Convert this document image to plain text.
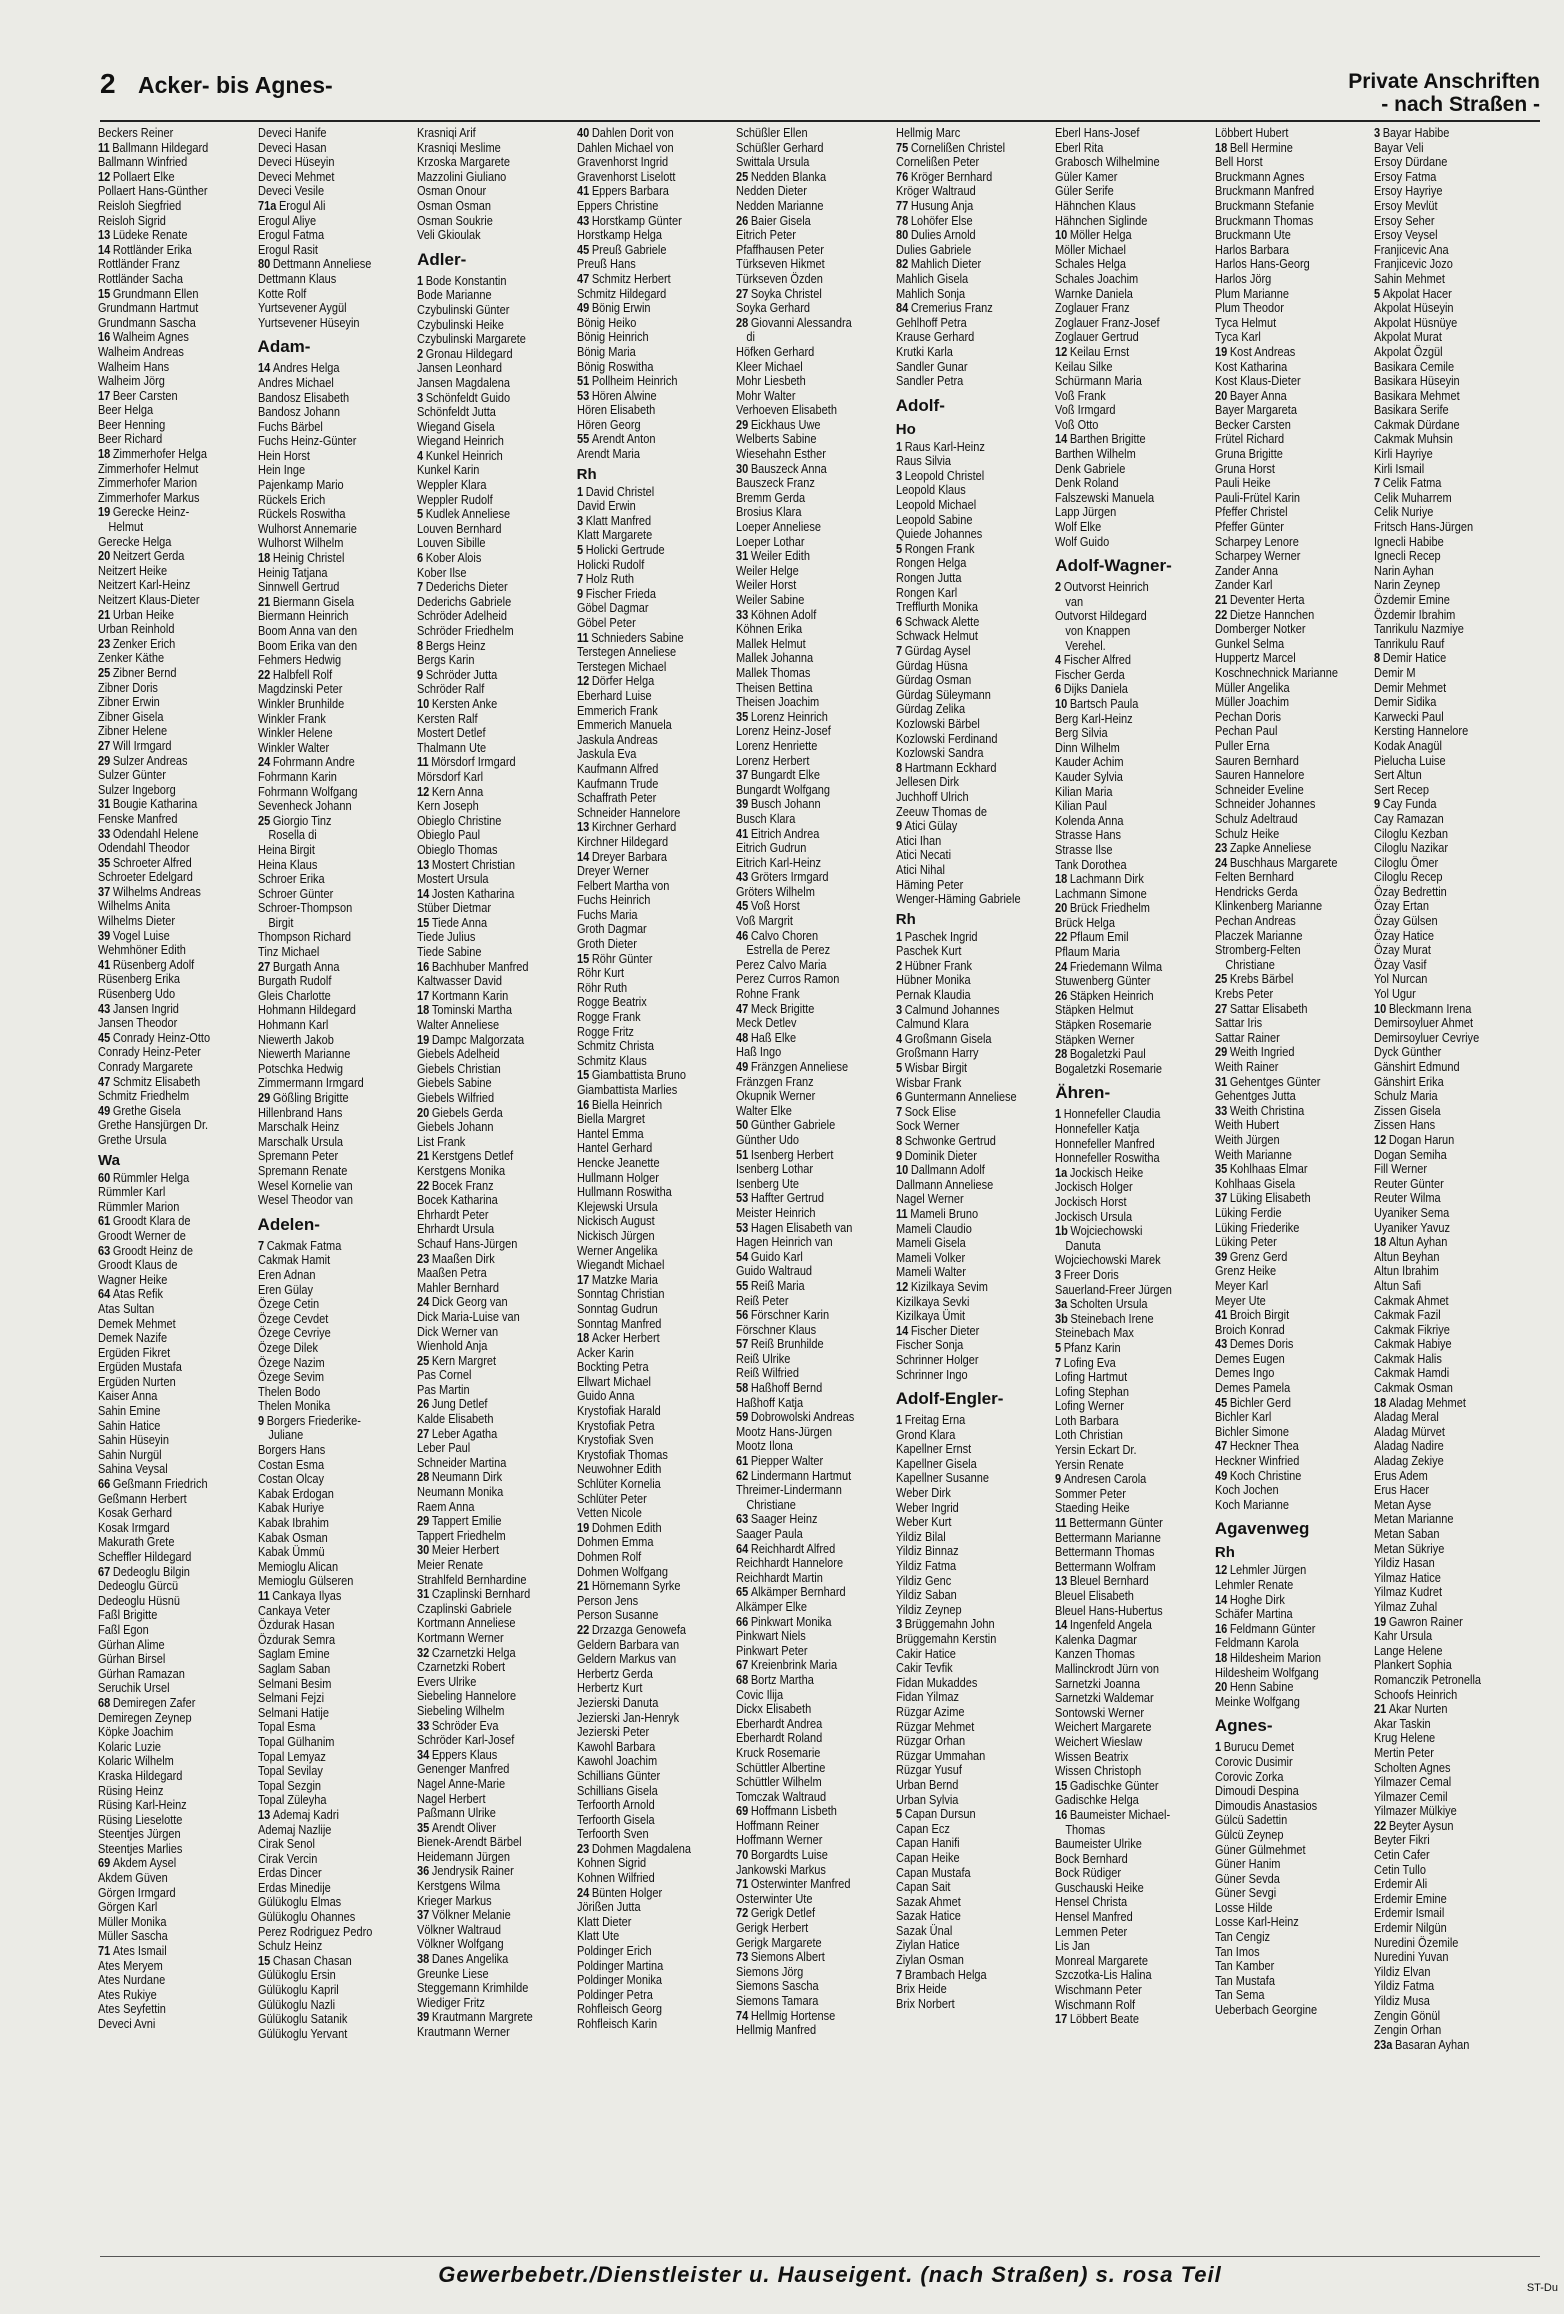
2 Acker- bis Agnes-	Private Anschriften
- nach Straßen -
Beckers Reiner
11 Ballmann Hildegard
Ballmann Winfried
12 Pollaert Elke
Pollaert Hans-Günther
Reisloh Siegfried
Reisloh Sigrid
13 Lüdeke Renate
14 Rottländer Erika
Rottländer Franz
Rottländer Sacha
15 Grundmann Ellen
Grundmann Hartmut
Grundmann Sascha
16 Walheim Agnes
Walheim Andreas
Walheim Hans
Walheim Jörg
17 Beer Carsten
Beer Helga
Beer Henning
Beer Richard
18 Zimmerhofer Helga
Zimmerhofer Helmut
Zimmerhofer Marion
Zimmerhofer Markus
19 Gerecke Heinz-
Helmut
Gerecke Helga
20 Neitzert Gerda
Neitzert Heike
Neitzert Karl-Heinz
Neitzert Klaus-Dieter
21 Urban Heike
Urban Reinhold
23 Zenker Erich
Zenker Käthe
25 Zibner Bernd
Zibner Doris
Zibner Erwin
Zibner Gisela
Zibner Helene
27 Will Irmgard
29 Sulzer Andreas
Sulzer Günter
Sulzer Ingeborg
31 Bougie Katharina
Fenske Manfred
33 Odendahl Helene
Odendahl Theodor
35 Schroeter Alfred
Schroeter Edelgard
37 Wilhelms Andreas
Wilhelms Anita
Wilhelms Dieter
39 Vogel Luise
Wehmhöner Edith
41 Rüsenberg Adolf
Rüsenberg Erika
Rüsenberg Udo
43 Jansen Ingrid
Jansen Theodor
45 Conrady Heinz-Otto
Conrady Heinz-Peter
Conrady Margarete
47 Schmitz Elisabeth
Schmitz Friedhelm
49 Grethe Gisela
Grethe Hansjürgen Dr.
Grethe Ursula
Wa
60 Rümmler Helga
Rümmler Karl
Rümmler Marion
61 Groodt Klara de
Groodt Werner de
63 Groodt Heinz de
Groodt Klaus de
Wagner Heike
64 Atas Refik
Atas Sultan
Demek Mehmet
Demek Nazife
Ergüden Fikret
Ergüden Mustafa
Ergüden Nurten
Kaiser Anna
Sahin Emine
Sahin Hatice
Sahin Hüseyin
Sahin Nurgül
Sahina Veysal
66 Geßmann Friedrich
Geßmann Herbert
Kosak Gerhard
Kosak Irmgard
Makurath Grete
Scheffler Hildegard
67 Dedeoglu Bilgin
Dedeoglu Gürcü
Dedeoglu Hüsnü
Faßl Brigitte
Faßl Egon
Gürhan Alime
Gürhan Birsel
Gürhan Ramazan
Seruchik Ursel
68 Demiregen Zafer
Demiregen Zeynep
Köpke Joachim
Kolaric Luzie
Kolaric Wilhelm
Kraska Hildegard
Rüsing Heinz
Rüsing Karl-Heinz
Rüsing Lieselotte
Steentjes Jürgen
Steentjes Marlies
69 Akdem Aysel
Akdem Güven
Görgen Irmgard
Görgen Karl
Müller Monika
Müller Sascha
71 Ates Ismail
Ates Meryem
Ates Nurdane
Ates Rukiye
Ates Seyfettin
Deveci Avni
Deveci Hanife
Deveci Hasan
Deveci Hüseyin
Deveci Mehmet
Deveci Vesile
71a Erogul Ali
Erogul Aliye
Erogul Fatma
Erogul Rasit
80 Dettmann Anneliese
Dettmann Klaus
Kotte Rolf
Yurtsevener Aygül
Yurtsevener Hüseyin
Adam-
14 Andres Helga
Andres Michael
Bandosz Elisabeth
Bandosz Johann
Fuchs Bärbel
Fuchs Heinz-Günter
Hein Horst
Hein Inge
Pajenkamp Mario
Rückels Erich
Rückels Roswitha
Wulhorst Annemarie
Wulhorst Wilhelm
18 Heinig Christel
Heinig Tatjana
Sinnwell Gertrud
21 Biermann Gisela
Biermann Heinrich
Boom Anna van den
Boom Erika van den
Fehmers Hedwig
22 Halbfell Rolf
Magdzinski Peter
Winkler Brunhilde
Winkler Frank
Winkler Helene
Winkler Walter
24 Fohrmann Andre
Fohrmann Karin
Fohrmann Wolfgang
Sevenheck Johann
25 Giorgio Tinz
Rosella di
Heina Birgit
Heina Klaus
Schroer Erika
Schroer Günter
Schroer-Thompson
Birgit
Thompson Richard
Tinz Michael
27 Burgath Anna
Burgath Rudolf
Gleis Charlotte
Hohmann Hildegard
Hohmann Karl
Niewerth Jakob
Niewerth Marianne
Potschka Hedwig
Zimmermann Irmgard
29 Gößling Brigitte
Hillenbrand Hans
Marschalk Heinz
Marschalk Ursula
Spremann Peter
Spremann Renate
Wesel Kornelie van
Wesel Theodor van
Adelen-
7 Cakmak Fatma
Cakmak Hamit
Eren Adnan
Eren Gülay
Özege Cetin
Özege Cevdet
Özege Cevriye
Özege Dilek
Özege Nazim
Özege Sevim
Thelen Bodo
Thelen Monika
9 Borgers Friederike-
Juliane
Borgers Hans
Costan Esma
Costan Olcay
Kabak Erdogan
Kabak Huriye
Kabak Ibrahim
Kabak Osman
Kabak Ümmü
Memioglu Alican
Memioglu Gülseren
11 Cankaya Ilyas
Cankaya Veter
Özdurak Hasan
Özdurak Semra
Saglam Emine
Saglam Saban
Selmani Besim
Selmani Fejzi
Selmani Hatije
Topal Esma
Topal Gülhanim
Topal Lemyaz
Topal Sevilay
Topal Sezgin
Topal Züleyha
13 Ademaj Kadri
Ademaj Nazlije
Cirak Senol
Cirak Vercin
Erdas Dincer
Erdas Minedije
Gülükoglu Elmas
Gülükoglu Ohannes
Perez Rodriguez Pedro
Schulz Heinz
15 Chasan Chasan
Gülükoglu Ersin
Gülükoglu Kapril
Gülükoglu Nazli
Gülükoglu Satanik
Gülükoglu Yervant
Krasniqi Arif
Krasniqi Meslime
Krzoska Margarete
Mazzolini Giuliano
Osman Onour
Osman Osman
Osman Soukrie
Veli Gkioulak
Adler-
1 Bode Konstantin
Bode Marianne
Czybulinski Günter
Czybulinski Heike
Czybulinski Margarete
2 Gronau Hildegard
Jansen Leonhard
Jansen Magdalena
3 Schönfeldt Guido
Schönfeldt Jutta
Wiegand Gisela
Wiegand Heinrich
4 Kunkel Heinrich
Kunkel Karin
Weppler Klara
Weppler Rudolf
5 Kudlek Anneliese
Louven Bernhard
Louven Sibille
6 Kober Alois
Kober Ilse
7 Dederichs Dieter
Dederichs Gabriele
Schröder Adelheid
Schröder Friedhelm
8 Bergs Heinz
Bergs Karin
9 Schröder Jutta
Schröder Ralf
10 Kersten Anke
Kersten Ralf
Mostert Detlef
Thalmann Ute
11 Mörsdorf Irmgard
Mörsdorf Karl
12 Kern Anna
Kern Joseph
Obieglo Christine
Obieglo Paul
Obieglo Thomas
13 Mostert Christian
Mostert Ursula
14 Josten Katharina
Stüber Dietmar
15 Tiede Anna
Tiede Julius
Tiede Sabine
16 Bachhuber Manfred
Kaltwasser David
17 Kortmann Karin
18 Tominski Martha
Walter Anneliese
19 Dampc Malgorzata
Giebels Adelheid
Giebels Christian
Giebels Sabine
Giebels Wilfried
20 Giebels Gerda
Giebels Johann
List Frank
21 Kerstgens Detlef
Kerstgens Monika
22 Bocek Franz
Bocek Katharina
Ehrhardt Peter
Ehrhardt Ursula
Schauf Hans-Jürgen
23 Maaßen Dirk
Maaßen Petra
Mahler Bernhard
24 Dick Georg van
Dick Maria-Luise van
Dick Werner van
Wienhold Anja
25 Kern Margret
Pas Cornel
Pas Martin
26 Jung Detlef
Kalde Elisabeth
27 Leber Agatha
Leber Paul
Schneider Martina
28 Neumann Dirk
Neumann Monika
Raem Anna
29 Tappert Emilie
Tappert Friedhelm
30 Meier Herbert
Meier Renate
Strahlfeld Bernhardine
31 Czaplinski Bernhard
Czaplinski Gabriele
Kortmann Anneliese
Kortmann Werner
32 Czarnetzki Helga
Czarnetzki Robert
Evers Ulrike
Siebeling Hannelore
Siebeling Wilhelm
33 Schröder Eva
Schröder Karl-Josef
34 Eppers Klaus
Genenger Manfred
Nagel Anne-Marie
Nagel Herbert
Paßmann Ulrike
35 Arendt Oliver
Bienek-Arendt Bärbel
Heidemann Jürgen
36 Jendrysik Rainer
Kerstgens Wilma
Krieger Markus
37 Völkner Melanie
Völkner Waltraud
Völkner Wolfgang
38 Danes Angelika
Greunke Liese
Steggemann Krimhilde
Wiediger Fritz
39 Krautmann Margrete
Krautmann Werner
40 Dahlen Dorit von
Dahlen Michael von
Gravenhorst Ingrid
Gravenhorst Liselott
41 Eppers Barbara
Eppers Christine
43 Horstkamp Günter
Horstkamp Helga
45 Preuß Gabriele
Preuß Hans
47 Schmitz Herbert
Schmitz Hildegard
49 Bönig Erwin
Bönig Heiko
Bönig Heinrich
Bönig Maria
Bönig Roswitha
51 Pollheim Heinrich
53 Hören Alwine
Hören Elisabeth
Hören Georg
55 Arendt Anton
Arendt Maria
Rh
1 David Christel
David Erwin
3 Klatt Manfred
Klatt Margarete
5 Holicki Gertrude
Holicki Rudolf
7 Holz Ruth
9 Fischer Frieda
Göbel Dagmar
Göbel Peter
11 Schnieders Sabine
Terstegen Anneliese
Terstegen Michael
12 Dörfer Helga
Eberhard Luise
Emmerich Frank
Emmerich Manuela
Jaskula Andreas
Jaskula Eva
Kaufmann Alfred
Kaufmann Trude
Schaffrath Peter
Schneider Hannelore
13 Kirchner Gerhard
Kirchner Hildegard
14 Dreyer Barbara
Dreyer Werner
Felbert Martha von
Fuchs Heinrich
Fuchs Maria
Groth Dagmar
Groth Dieter
15 Röhr Günter
Röhr Kurt
Röhr Ruth
Rogge Beatrix
Rogge Frank
Rogge Fritz
Schmitz Christa
Schmitz Klaus
15 Giambattista Bruno
Giambattista Marlies
16 Biella Heinrich
Biella Margret
Hantel Emma
Hantel Gerhard
Hencke Jeanette
Hullmann Holger
Hullmann Roswitha
Klejewski Ursula
Nickisch August
Nickisch Jürgen
Werner Angelika
Wiegandt Michael
17 Matzke Maria
Sonntag Christian
Sonntag Gudrun
Sonntag Manfred
18 Acker Herbert
Acker Karin
Bockting Petra
Ellwart Michael
Guido Anna
Krystofiak Harald
Krystofiak Petra
Krystofiak Sven
Krystofiak Thomas
Neuwohner Edith
Schlüter Kornelia
Schlüter Peter
Vetten Nicole
19 Dohmen Edith
Dohmen Emma
Dohmen Rolf
Dohmen Wolfgang
21 Hörnemann Syrke
Person Jens
Person Susanne
22 Drzazga Genowefa
Geldern Barbara van
Geldern Markus van
Herbertz Gerda
Herbertz Kurt
Jezierski Danuta
Jezierski Jan-Henryk
Jezierski Peter
Kawohl Barbara
Kawohl Joachim
Schillians Günter
Schillians Gisela
Terfoorth Arnold
Terfoorth Gisela
Terfoorth Sven
23 Dohmen Magdalena
Kohnen Sigrid
Kohnen Wilfried
24 Bünten Holger
Jörißen Jutta
Klatt Dieter
Klatt Ute
Poldinger Erich
Poldinger Martina
Poldinger Monika
Poldinger Petra
Rohfleisch Georg
Rohfleisch Karin
Schüßler Ellen
Schüßler Gerhard
Swittala Ursula
25 Nedden Blanka
Nedden Dieter
Nedden Marianne
26 Baier Gisela
Eitrich Peter
Pfaffhausen Peter
Türkseven Hikmet
Türkseven Özden
27 Soyka Christel
Soyka Gerhard
28 Giovanni Alessandra
di
Höfken Gerhard
Kleer Michael
Mohr Liesbeth
Mohr Walter
Verhoeven Elisabeth
29 Eickhaus Uwe
Welberts Sabine
Wiesehahn Esther
30 Bauszeck Anna
Bauszeck Franz
Bremm Gerda
Brosius Klara
Loeper Anneliese
Loeper Lothar
31 Weiler Edith
Weiler Helge
Weiler Horst
Weiler Sabine
33 Köhnen Adolf
Köhnen Erika
Mallek Helmut
Mallek Johanna
Mallek Thomas
Theisen Bettina
Theisen Joachim
35 Lorenz Heinrich
Lorenz Heinz-Josef
Lorenz Henriette
Lorenz Herbert
37 Bungardt Elke
Bungardt Wolfgang
39 Busch Johann
Busch Klara
41 Eitrich Andrea
Eitrich Gudrun
Eitrich Karl-Heinz
43 Gröters Irmgard
Gröters Wilhelm
45 Voß Horst
Voß Margrit
46 Calvo Choren
Estrella de Perez
Perez Calvo Maria
Perez Curros Ramon
Rohne Frank
47 Meck Brigitte
Meck Detlev
48 Haß Elke
Haß Ingo
49 Fränzgen Anneliese
Fränzgen Franz
Okupnik Werner
Walter Elke
50 Günther Gabriele
Günther Udo
51 Isenberg Herbert
Isenberg Lothar
Isenberg Ute
53 Haffter Gertrud
Meister Heinrich
53 Hagen Elisabeth van
Hagen Heinrich van
54 Guido Karl
Guido Waltraud
55 Reiß Maria
Reiß Peter
56 Förschner Karin
Förschner Klaus
57 Reiß Brunhilde
Reiß Ulrike
Reiß Wilfried
58 Haßhoff Bernd
Haßhoff Katja
59 Dobrowolski Andreas
Mootz Hans-Jürgen
Mootz Ilona
61 Piepper Walter
62 Lindermann Hartmut
Threimer-Lindermann
Christiane
63 Saager Heinz
Saager Paula
64 Reichhardt Alfred
Reichhardt Hannelore
Reichhardt Martin
65 Alkämper Bernhard
Alkämper Elke
66 Pinkwart Monika
Pinkwart Niels
Pinkwart Peter
67 Kreienbrink Maria
68 Bortz Martha
Covic Ilija
Dickx Elisabeth
Eberhardt Andrea
Eberhardt Roland
Kruck Rosemarie
Schüttler Albertine
Schüttler Wilhelm
Tomczak Waltraud
69 Hoffmann Lisbeth
Hoffmann Reiner
Hoffmann Werner
70 Borgardts Luise
Jankowski Markus
71 Osterwinter Manfred
Osterwinter Ute
72 Gerigk Detlef
Gerigk Herbert
Gerigk Margarete
73 Siemons Albert
Siemons Jörg
Siemons Sascha
Siemons Tamara
74 Hellmig Hortense
Hellmig Manfred
Hellmig Marc
75 Cornelißen Christel
Cornelißen Peter
76 Kröger Bernhard
Kröger Waltraud
77 Husung Anja
78 Lohöfer Else
80 Dulies Arnold
Dulies Gabriele
82 Mahlich Dieter
Mahlich Gisela
Mahlich Sonja
84 Cremerius Franz
Gehlhoff Petra
Krause Gerhard
Krutki Karla
Sandler Gunar
Sandler Petra
Adolf-
Ho
1 Raus Karl-Heinz
Raus Silvia
3 Leopold Christel
Leopold Klaus
Leopold Michael
Leopold Sabine
Quiede Johannes
5 Rongen Frank
Rongen Helga
Rongen Jutta
Rongen Karl
Trefflurth Monika
6 Schwack Alette
Schwack Helmut
7 Gürdag Aysel
Gürdag Hüsna
Gürdag Osman
Gürdag Süleymann
Gürdag Zelika
Kozlowski Bärbel
Kozlowski Ferdinand
Kozlowski Sandra
8 Hartmann Eckhard
Jellesen Dirk
Juchhoff Ulrich
Zeeuw Thomas de
9 Atici Gülay
Atici Ihan
Atici Necati
Atici Nihal
Häming Peter
Wenger-Häming Gabriele
Rh
1 Paschek Ingrid
Paschek Kurt
2 Hübner Frank
Hübner Monika
Pernak Klaudia
3 Calmund Johannes
Calmund Klara
4 Großmann Gisela
Großmann Harry
5 Wisbar Birgit
Wisbar Frank
6 Guntermann Anneliese
7 Sock Elise
Sock Werner
8 Schwonke Gertrud
9 Dominik Dieter
10 Dallmann Adolf
Dallmann Anneliese
Nagel Werner
11 Mameli Bruno
Mameli Claudio
Mameli Gisela
Mameli Volker
Mameli Walter
12 Kizilkaya Sevim
Kizilkaya Sevki
Kizilkaya Ümit
14 Fischer Dieter
Fischer Sonja
Schrinner Holger
Schrinner Ingo
Adolf-Engler-
1 Freitag Erna
Grond Klara
Kapellner Ernst
Kapellner Gisela
Kapellner Susanne
Weber Dirk
Weber Ingrid
Weber Kurt
Yildiz Bilal
Yildiz Binnaz
Yildiz Fatma
Yildiz Genc
Yildiz Saban
Yildiz Zeynep
3 Brüggemahn John
Brüggemahn Kerstin
Cakir Hatice
Cakir Tevfik
Fidan Mukaddes
Fidan Yilmaz
Rüzgar Azime
Rüzgar Mehmet
Rüzgar Orhan
Rüzgar Ummahan
Rüzgar Yusuf
Urban Bernd
Urban Sylvia
5 Capan Dursun
Capan Ecz
Capan Hanifi
Capan Heike
Capan Mustafa
Capan Sait
Sazak Ahmet
Sazak Hatice
Sazak Ünal
Ziylan Hatice
Ziylan Osman
7 Brambach Helga
Brix Heide
Brix Norbert
Eberl Hans-Josef
Eberl Rita
Grabosch Wilhelmine
Güler Kamer
Güler Serife
Hähnchen Klaus
Hähnchen Siglinde
10 Möller Helga
Möller Michael
Schales Helga
Schales Joachim
Warnke Daniela
Zoglauer Franz
Zoglauer Franz-Josef
Zoglauer Gertrud
12 Keilau Ernst
Keilau Silke
Schürmann Maria
Voß Frank
Voß Irmgard
Voß Otto
14 Barthen Brigitte
Barthen Wilhelm
Denk Gabriele
Denk Roland
Falszewski Manuela
Lapp Jürgen
Wolf Elke
Wolf Guido
Adolf-Wagner-
2 Outvorst Heinrich
van
Outvorst Hildegard
von Knappen
Verehel.
4 Fischer Alfred
Fischer Gerda
6 Dijks Daniela
10 Bartsch Paula
Berg Karl-Heinz
Berg Silvia
Dinn Wilhelm
Kauder Achim
Kauder Sylvia
Kilian Maria
Kilian Paul
Kolenda Anna
Strasse Hans
Strasse Ilse
Tank Dorothea
18 Lachmann Dirk
Lachmann Simone
20 Brück Friedhelm
Brück Helga
22 Pflaum Emil
Pflaum Maria
24 Friedemann Wilma
Stuwenberg Günter
26 Stäpken Heinrich
Stäpken Helmut
Stäpken Rosemarie
Stäpken Werner
28 Bogaletzki Paul
Bogaletzki Rosemarie
Ähren-
1 Honnefeller Claudia
Honnefeller Katja
Honnefeller Manfred
Honnefeller Roswitha
1a Jockisch Heike
Jockisch Holger
Jockisch Horst
Jockisch Ursula
1b Wojciechowski
Danuta
Wojciechowski Marek
3 Freer Doris
Sauerland-Freer Jürgen
3a Scholten Ursula
3b Steinebach Irene
Steinebach Max
5 Pfanz Karin
7 Lofing Eva
Lofing Hartmut
Lofing Stephan
Lofing Werner
Loth Barbara
Loth Christian
Yersin Eckart Dr.
Yersin Renate
9 Andresen Carola
Sommer Peter
Staeding Heike
11 Bettermann Günter
Bettermann Marianne
Bettermann Thomas
Bettermann Wolfram
13 Bleuel Bernhard
Bleuel Elisabeth
Bleuel Hans-Hubertus
14 Ingenfeld Angela
Kalenka Dagmar
Kanzen Thomas
Mallinckrodt Jürn von
Sarnetzki Joanna
Sarnetzki Waldemar
Sontowski Werner
Weichert Margarete
Weichert Wieslaw
Wissen Beatrix
Wissen Christoph
15 Gadischke Günter
Gadischke Helga
16 Baumeister Michael-
Thomas
Baumeister Ulrike
Bock Bernhard
Bock Rüdiger
Guschauski Heike
Hensel Christa
Hensel Manfred
Lemmen Peter
Lis Jan
Monreal Margarete
Szczotka-Lis Halina
Wischmann Peter
Wischmann Rolf
17 Löbbert Beate
Löbbert Hubert
18 Bell Hermine
Bell Horst
Bruckmann Agnes
Bruckmann Manfred
Bruckmann Stefanie
Bruckmann Thomas
Bruckmann Ute
Harlos Barbara
Harlos Hans-Georg
Harlos Jörg
Plum Marianne
Plum Theodor
Tyca Helmut
Tyca Karl
19 Kost Andreas
Kost Katharina
Kost Klaus-Dieter
20 Bayer Anna
Bayer Margareta
Becker Carsten
Frütel Richard
Gruna Brigitte
Gruna Horst
Pauli Heike
Pauli-Frütel Karin
Pfeffer Christel
Pfeffer Günter
Scharpey Lenore
Scharpey Werner
Zander Anna
Zander Karl
21 Deventer Herta
22 Dietze Hannchen
Domberger Notker
Gunkel Selma
Huppertz Marcel
Koschnechnick Marianne
Müller Angelika
Müller Joachim
Pechan Doris
Pechan Paul
Puller Erna
Sauren Bernhard
Sauren Hannelore
Schneider Eveline
Schneider Johannes
Schulz Adeltraud
Schulz Heike
23 Zapke Anneliese
24 Buschhaus Margarete
Felten Bernhard
Hendricks Gerda
Klinkenberg Marianne
Pechan Andreas
Placzek Marianne
Stromberg-Felten
Christiane
25 Krebs Bärbel
Krebs Peter
27 Sattar Elisabeth
Sattar Iris
Sattar Rainer
29 Weith Ingried
Weith Rainer
31 Gehentges Günter
Gehentges Jutta
33 Weith Christina
Weith Hubert
Weith Jürgen
Weith Marianne
35 Kohlhaas Elmar
Kohlhaas Gisela
37 Lüking Elisabeth
Lüking Ferdie
Lüking Friederike
Lüking Peter
39 Grenz Gerd
Grenz Heike
Meyer Karl
Meyer Ute
41 Broich Birgit
Broich Konrad
43 Demes Doris
Demes Eugen
Demes Ingo
Demes Pamela
45 Bichler Gerd
Bichler Karl
Bichler Simone
47 Heckner Thea
Heckner Winfried
49 Koch Christine
Koch Jochen
Koch Marianne
Agavenweg
Rh
12 Lehmler Jürgen
Lehmler Renate
14 Hoghe Dirk
Schäfer Martina
16 Feldmann Günter
Feldmann Karola
18 Hildesheim Marion
Hildesheim Wolfgang
20 Henn Sabine
Meinke Wolfgang
Agnes-
1 Burucu Demet
Corovic Dusimir
Corovic Zorka
Dimoudi Despina
Dimoudis Anastasios
Gülcü Sadettin
Gülcü Zeynep
Güner Gülmehmet
Güner Hanim
Güner Sevda
Güner Sevgi
Losse Hilde
Losse Karl-Heinz
Tan Cengiz
Tan Imos
Tan Kamber
Tan Mustafa
Tan Sema
Ueberbach Georgine
3 Bayar Habibe
Bayar Veli
Ersoy Dürdane
Ersoy Fatma
Ersoy Hayriye
Ersoy Mevlüt
Ersoy Seher
Ersoy Veysel
Franjicevic Ana
Franjicevic Jozo
Sahin Mehmet
5 Akpolat Hacer
Akpolat Hüseyin
Akpolat Hüsnüye
Akpolat Murat
Akpolat Özgül
Basikara Cemile
Basikara Hüseyin
Basikara Mehmet
Basikara Serife
Cakmak Dürdane
Cakmak Muhsin
Kirli Hayriye
Kirli Ismail
7 Celik Fatma
Celik Muharrem
Celik Nuriye
Fritsch Hans-Jürgen
Ignecli Habibe
Ignecli Recep
Narin Ayhan
Narin Zeynep
Özdemir Emine
Özdemir Ibrahim
Tanrikulu Nazmiye
Tanrikulu Rauf
8 Demir Hatice
Demir M
Demir Mehmet
Demir Sidika
Karwecki Paul
Kersting Hannelore
Kodak Anagül
Pielucha Luise
Sert Altun
Sert Recep
9 Cay Funda
Cay Ramazan
Ciloglu Kezban
Ciloglu Nazikar
Ciloglu Ömer
Ciloglu Recep
Özay Bedrettin
Özay Ertan
Özay Gülsen
Özay Hatice
Özay Murat
Özay Vasif
Yol Nurcan
Yol Ugur
10 Bleckmann Irena
Demirsoyluer Ahmet
Demirsoyluer Cevriye
Dyck Günther
Gänshirt Edmund
Gänshirt Erika
Schulz Maria
Zissen Gisela
Zissen Hans
12 Dogan Harun
Dogan Semiha
Fill Werner
Reuter Günter
Reuter Wilma
Uyaniker Sema
Uyaniker Yavuz
18 Altun Ayhan
Altun Beyhan
Altun Ibrahim
Altun Safi
Cakmak Ahmet
Cakmak Fazil
Cakmak Fikriye
Cakmak Habiye
Cakmak Halis
Cakmak Hamdi
Cakmak Osman
18 Aladag Mehmet
Aladag Meral
Aladag Mürvet
Aladag Nadire
Aladag Zekiye
Erus Adem
Erus Hacer
Metan Ayse
Metan Marianne
Metan Saban
Metan Sükriye
Yildiz Hasan
Yilmaz Hatice
Yilmaz Kudret
Yilmaz Zuhal
19 Gawron Rainer
Kahr Ursula
Lange Helene
Plankert Sophia
Romanczik Petronella
Schoofs Heinrich
21 Akar Nurten
Akar Taskin
Krug Helene
Mertin Peter
Scholten Agnes
Yilmazer Cemal
Yilmazer Cemil
Yilmazer Mülkiye
22 Beyter Aysun
Beyter Fikri
Cetin Cafer
Cetin Tullo
Erdemir Ali
Erdemir Emine
Erdemir Ismail
Erdemir Nilgün
Nuredini Özemile
Nuredini Yuvan
Yildiz Elvan
Yildiz Fatma
Yildiz Musa
Zengin Gönül
Zengin Orhan
23a Basaran Ayhan
Gewerbebetr./Dienstleister u. Hauseigent. (nach Straßen) s. rosa Teil
ST-Du
